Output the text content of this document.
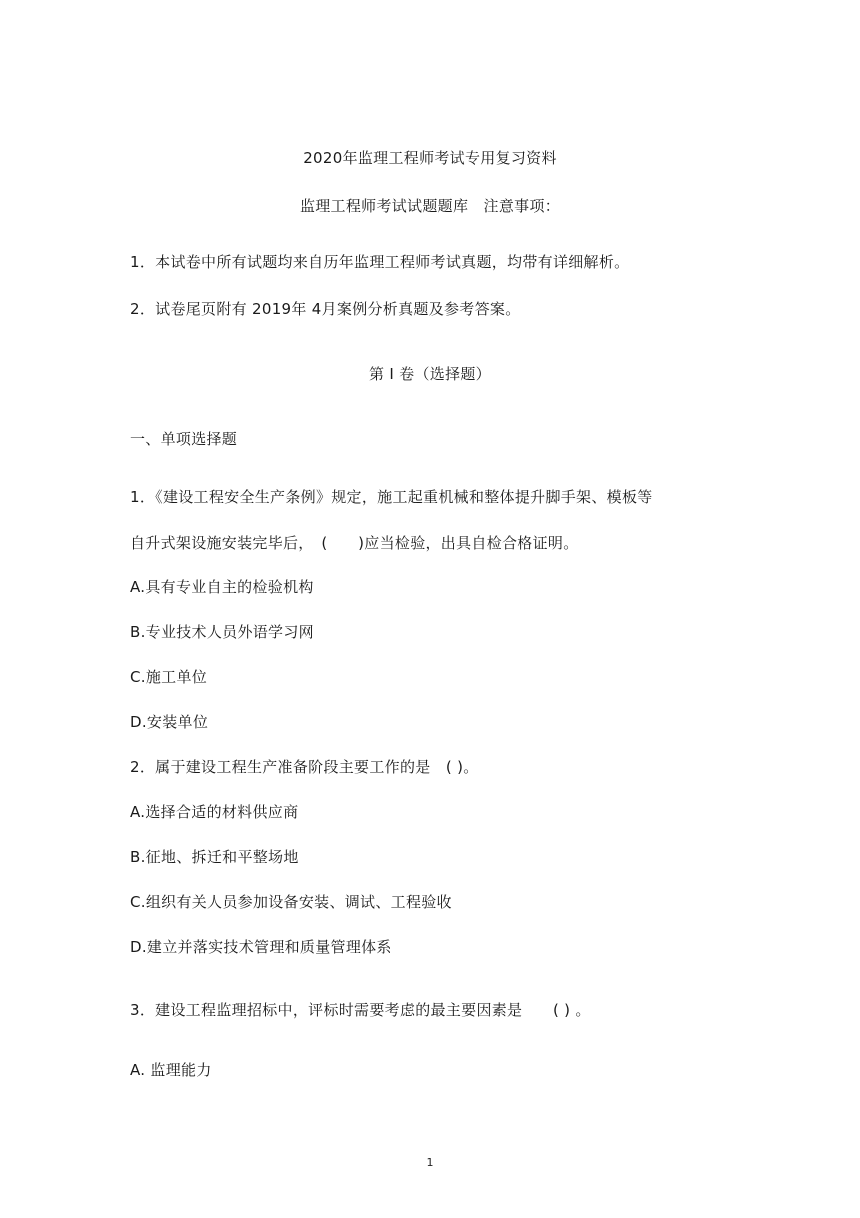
2020年监理工程师考试专用复习资料
监理工程师考试试题题库　注意事项：
1．本试卷中所有试题均来自历年监理工程师考试真题，均带有详细解析。
2．试卷尾页附有 2019年 4月案例分析真题及参考答案。
第 I 卷（选择题）
一、单项选择题
1．《建设工程安全生产条例》规定，施工起重机械和整体提升脚手架、模板等
自升式架设施安装完毕后，　(　　)应当检验，出具自检合格证明。
A.具有专业自主的检验机构
B.专业技术人员外语学习网
C.施工单位
D.安装单位
2．属于建设工程生产准备阶段主要工作的是　( )。
A.选择合适的材料供应商
B.征地、拆迁和平整场地
C.组织有关人员参加设备安装、调试、工程验收
D.建立并落实技术管理和质量管理体系
3．建设工程监理招标中，评标时需要考虑的最主要因素是　　( ) 。
A. 监理能力
1
